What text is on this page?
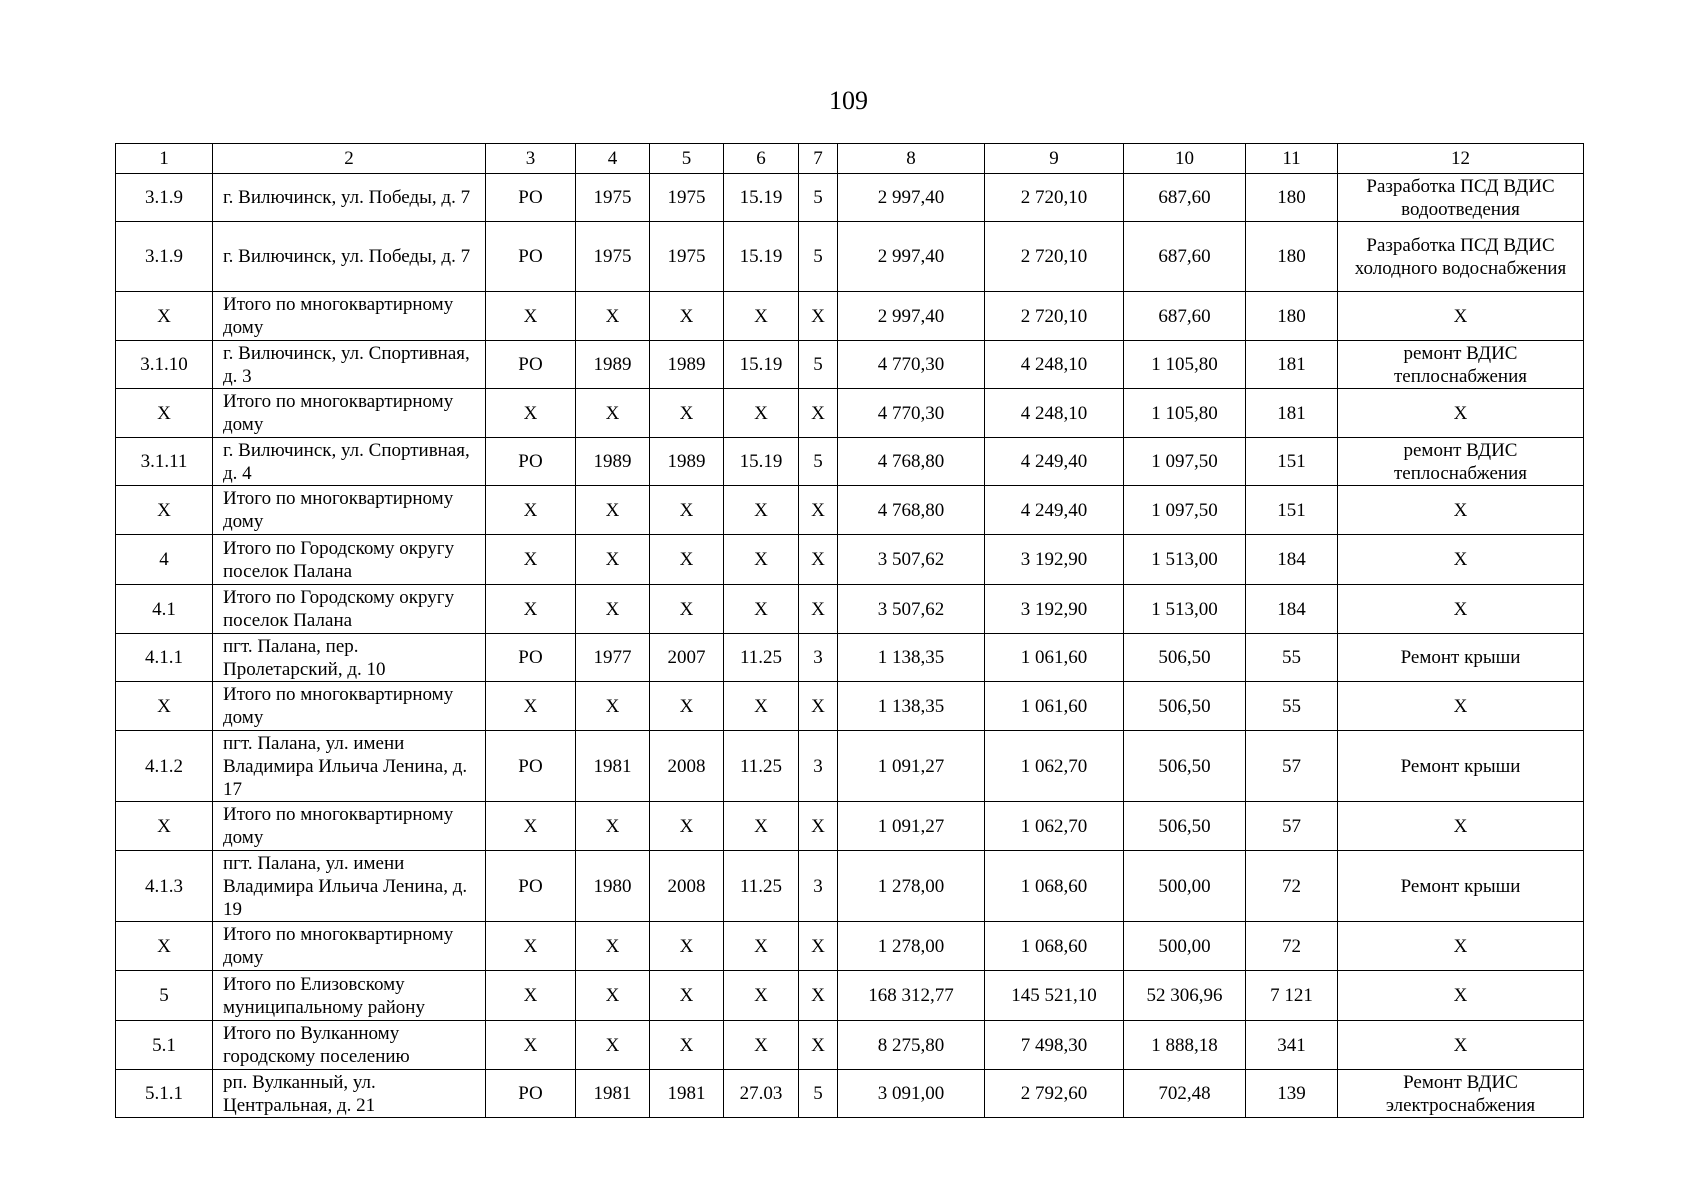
109
1	2	3	4	5	6	7	8	9	10	11	12
3.1.9	г. Вилючинск, ул. Победы, д. 7	РО	1975	1975	15.19	5	2 997,40	2 720,10	687,60	180	Разработка ПСД ВДИС водоотведения
3.1.9	г. Вилючинск, ул. Победы, д. 7	РО	1975	1975	15.19	5	2 997,40	2 720,10	687,60	180	Разработка ПСД ВДИС холодного водоснабжения
Х	Итого по многоквартирному дому	Х	Х	Х	Х	Х	2 997,40	2 720,10	687,60	180	Х
3.1.10	г. Вилючинск, ул. Спортивная, д. 3	РО	1989	1989	15.19	5	4 770,30	4 248,10	1 105,80	181	ремонт ВДИС теплоснабжения
Х	Итого по многоквартирному дому	Х	Х	Х	Х	Х	4 770,30	4 248,10	1 105,80	181	Х
3.1.11	г. Вилючинск, ул. Спортивная, д. 4	РО	1989	1989	15.19	5	4 768,80	4 249,40	1 097,50	151	ремонт ВДИС теплоснабжения
Х	Итого по многоквартирному дому	Х	Х	Х	Х	Х	4 768,80	4 249,40	1 097,50	151	Х
4	Итого по Городскому округу поселок Палана	Х	Х	Х	Х	Х	3 507,62	3 192,90	1 513,00	184	Х
4.1	Итого по Городскому округу поселок Палана	Х	Х	Х	Х	Х	3 507,62	3 192,90	1 513,00	184	Х
4.1.1	пгт. Палана, пер. Пролетарский, д. 10	РО	1977	2007	11.25	3	1 138,35	1 061,60	506,50	55	Ремонт крыши
Х	Итого по многоквартирному дому	Х	Х	Х	Х	Х	1 138,35	1 061,60	506,50	55	Х
4.1.2	пгт. Палана, ул. имени Владимира Ильича Ленина, д. 17	РО	1981	2008	11.25	3	1 091,27	1 062,70	506,50	57	Ремонт крыши
Х	Итого по многоквартирному дому	Х	Х	Х	Х	Х	1 091,27	1 062,70	506,50	57	Х
4.1.3	пгт. Палана, ул. имени Владимира Ильича Ленина, д. 19	РО	1980	2008	11.25	3	1 278,00	1 068,60	500,00	72	Ремонт крыши
Х	Итого по многоквартирному дому	Х	Х	Х	Х	Х	1 278,00	1 068,60	500,00	72	Х
5	Итого по Елизовскому муниципальному району	Х	Х	Х	Х	Х	168 312,77	145 521,10	52 306,96	7 121	Х
5.1	Итого по Вулканному городскому поселению	Х	Х	Х	Х	Х	8 275,80	7 498,30	1 888,18	341	Х
5.1.1	рп. Вулканный, ул. Центральная, д. 21	РО	1981	1981	27.03	5	3 091,00	2 792,60	702,48	139	Ремонт ВДИС электроснабжения
